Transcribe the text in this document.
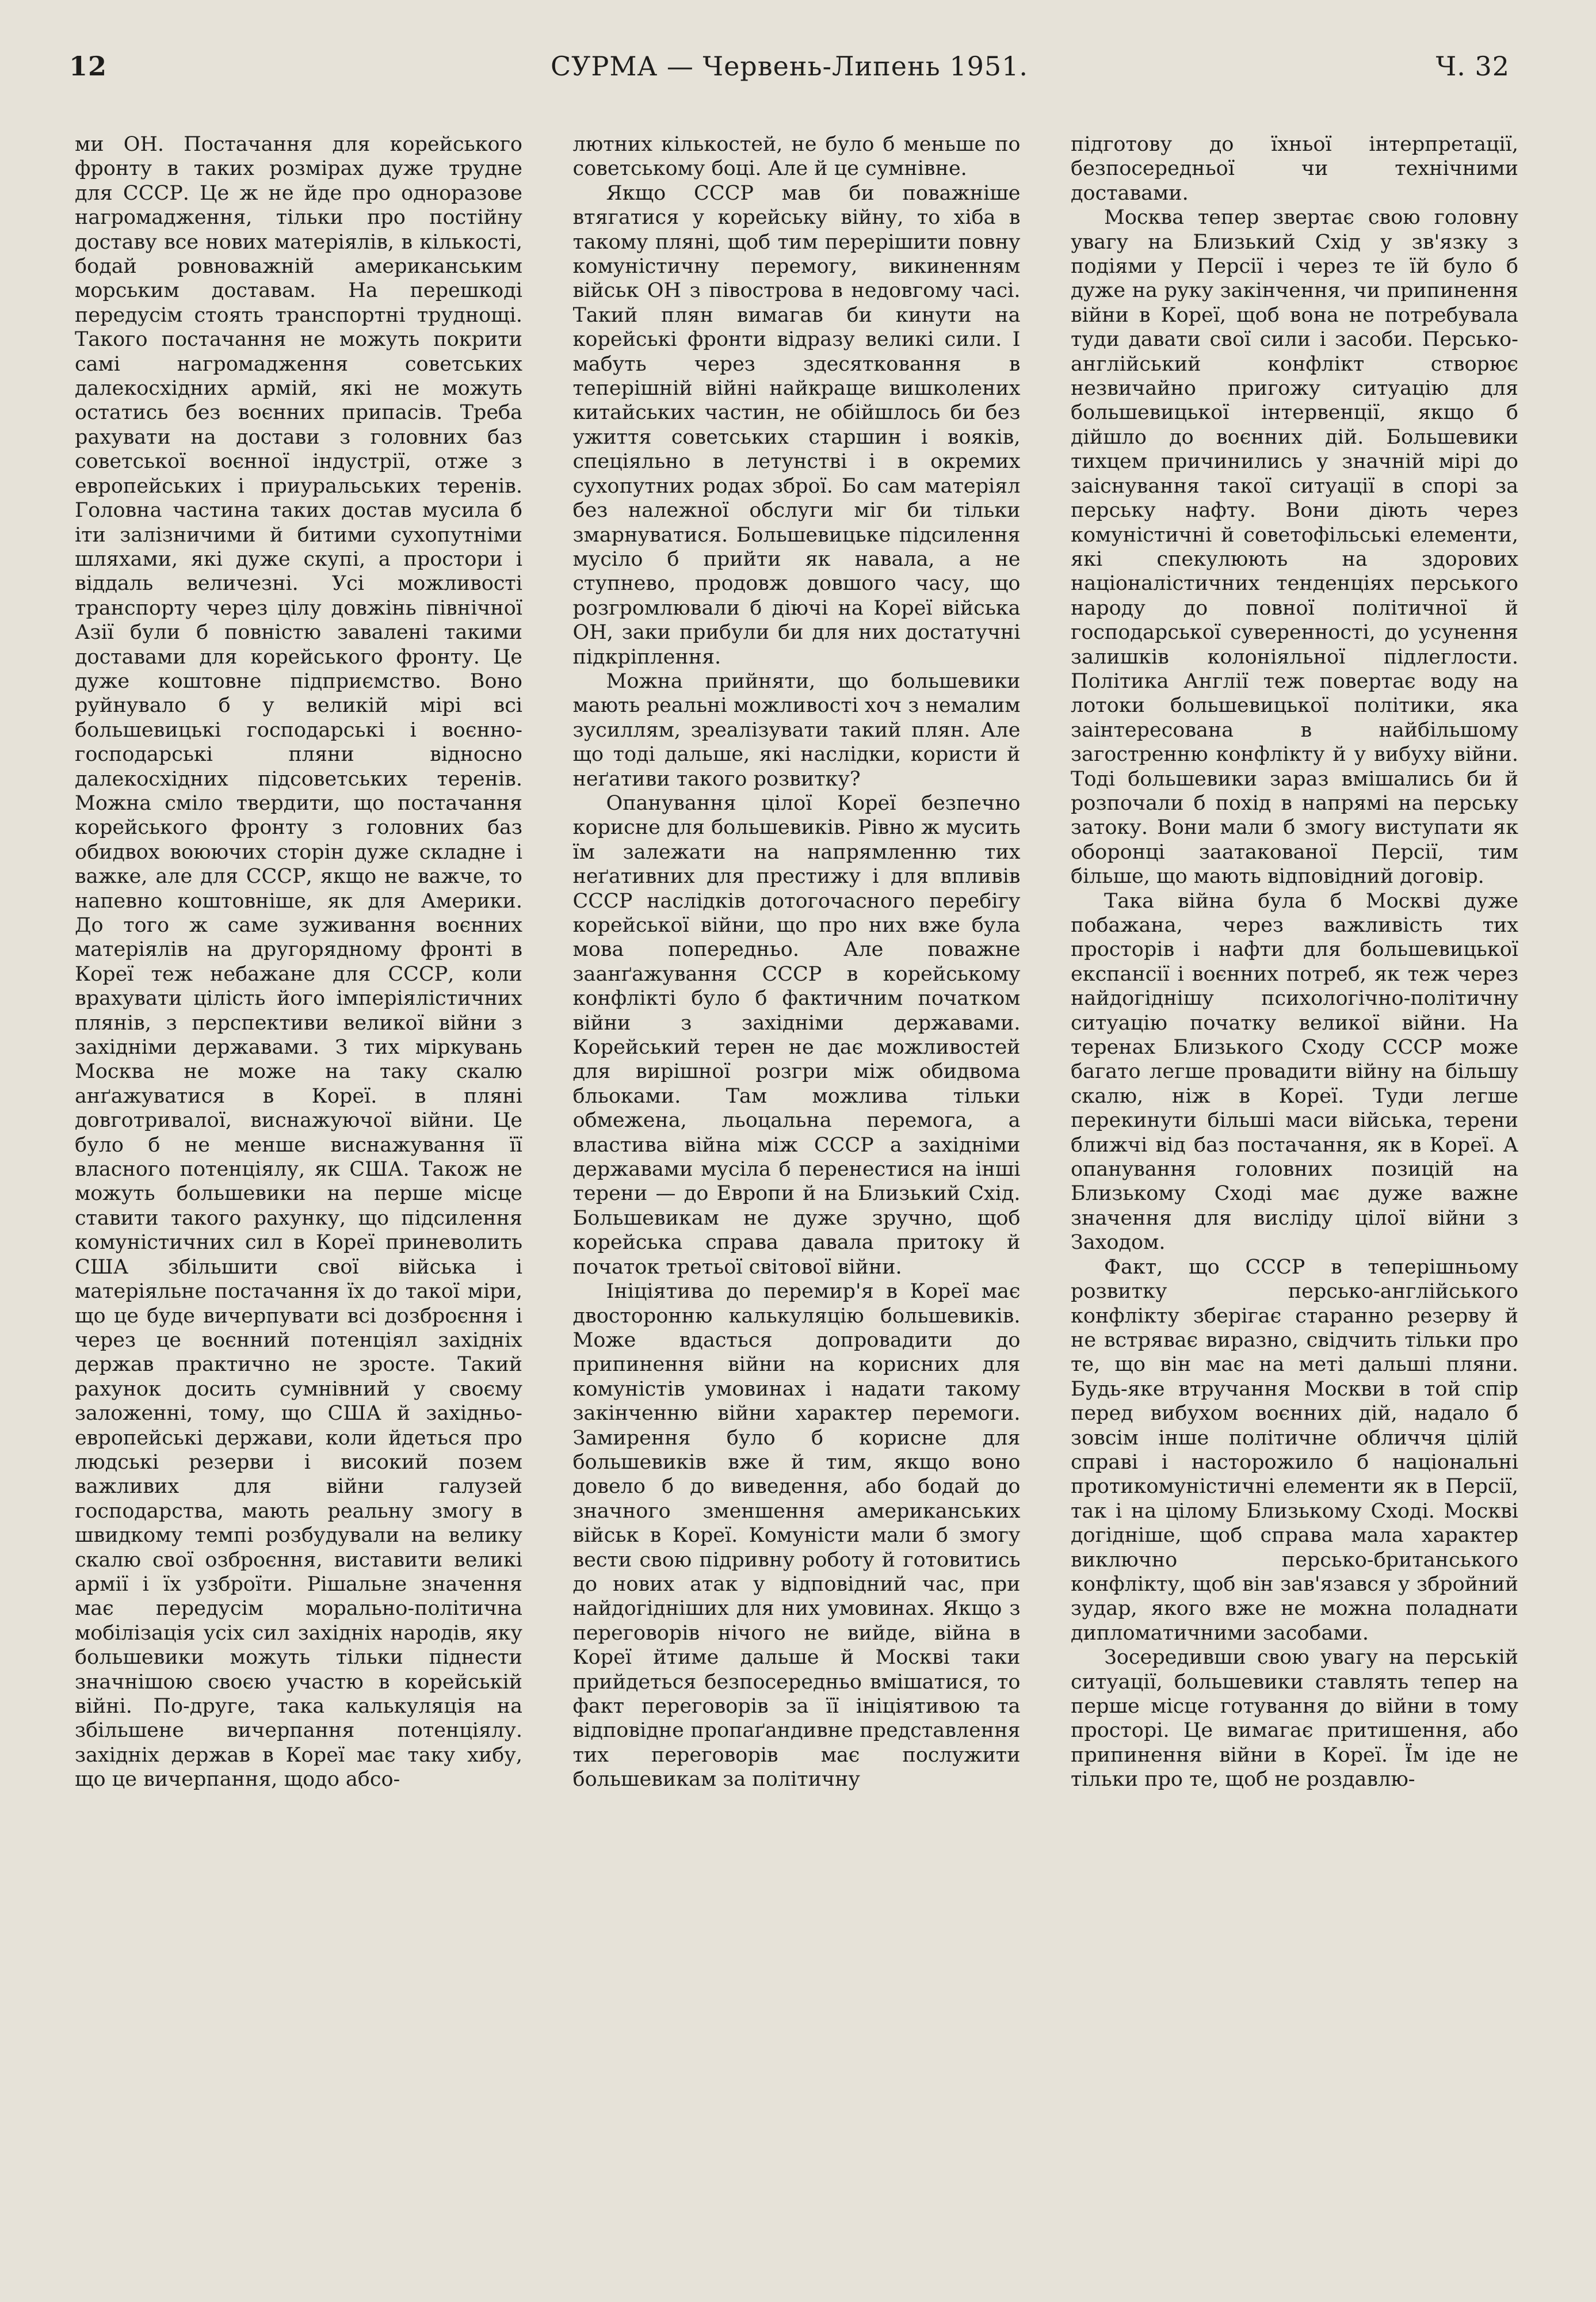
12	СУРМА — Червень-Липень 1951.	Ч. 32

ми ОН. Постачання для корейського фронту в таких розмірах дуже трудне для СССР. Це ж не йде про одноразове нагромадження, тільки про постійну доставу все нових матеріялів, в кількості, бодай ровноважній американським морським доставам. На перешкоді передусім стоять транспортні труднощі. Такого постачання не можуть покрити самі нагромадження советських далекосхідних армій, які не можуть остатись без воєнних припасів. Треба рахувати на достави з головних баз советської воєнної індустрії, отже з европейських і приуральських теренів. Головна частина таких достав мусила б іти залізничими й битими сухопутніми шляхами, які дуже скупі, а простори і віддаль величезні. Усі можливості транспорту через цілу довжінь північної Азії були б повністю завалені такими доставами для корейського фронту. Це дуже коштовне підприємство. Воно руйнувало б у великій мірі всі большевицькі господарські і воєнно-господарські пляни відносно далекосхідних підсоветських теренів. Можна сміло твердити, що постачання корейського фронту з головних баз обидвох воюючих сторін дуже складне і важке, але для СССР, якщо не важче, то напевно коштовніше, як для Америки. До того ж саме зуживання воєнних матеріялів на другорядному фронті в Кореї теж небажане для СССР, коли врахувати цілість його імперіялістичних плянів, з перспективи великої війни з західніми державами. З тих міркувань Москва не може на таку скалю анґажуватися в Кореї. в пляні довготривалої, виснажуючої війни. Це було б не менше виснажування її власного потенціялу, як США. Також не можуть большевики на перше місце ставити такого рахунку, що підсилення комуністичних сил в Кореї приневолить США збільшити свої війська і матеріяльне постачання їх до такої міри, що це буде вичерпувати всі дозброєння і через це воєнний потенціял західніх держав практично не зросте. Такий рахунок досить сумнівний у своєму заложенні, тому, що США й західньо-европейські держави, коли йдеться про людські резерви і високий позем важливих для війни галузей господарства, мають реальну змогу в швидкому темпі розбудували на велику скалю свої озброєння, виставити великі армії і їх узброїти. Рішальне значення має передусім морально-політична мобілізація усіх сил західніх народів, яку большевики можуть тільки піднести значнішою своєю участю в корейській війні. По-друге, така калькуляція на збільшене вичерпання потенціялу. західніх держав в Кореї має таку хибу, що це вичерпання, щодо абсо-

лютних кількостей, не було б меньше по советському боці. Але й це сумнівне.

Якщо СССР мав би поважніше втягатися у корейську війну, то хіба в такому пляні, щоб тим перерішити повну комуністичну перемогу, викиненням військ ОН з півострова в недовгому часі. Такий плян вимагав би кинути на корейські фронти відразу великі сили. І мабуть через здесятковання в теперішній війні найкраще вишколених китайських частин, не обійшлось би без ужиття советських старшин і вояків, спеціяльно в летунстві і в окремих сухопутних родах зброї. Бо сам матеріял без належної обслуги міг би тільки змарнуватися. Большевицьке підсилення мусіло б прийти як навала, а не ступнево, продовж довшого часу, що розгромлювали б діючі на Кореї війська ОН, заки прибули би для них достатучні підкріплення.

Можна прийняти, що большевики мають реальні можливості хоч з немалим зусиллям, зреалізувати такий плян. Але що тоді дальше, які наслідки, користи й неґативи такого розвитку?

Опанування цілої Кореї безпечно корисне для большевиків. Рівно ж мусить їм залежати на напрямленню тих неґативних для престижу і для впливів СССР наслідків дотогочасного перебігу корейської війни, що про них вже була мова попередньо. Але поважне заанґажування СССР в корейському конфлікті було б фактичним початком війни з західніми державами. Корейський терен не дає можливостей для вирішної розгри між обидвома бльоками. Там можлива тільки обмежена, льоцальна перемога, а властива війна між СССР а західніми державами мусіла б перенестися на інші терени — до Европи й на Близький Схід. Большевикам не дуже зручно, щоб корейська справа давала притоку й початок третьої світової війни.

Ініціятива до перемир'я в Кореї має двосторонню калькуляцію большевиків. Може вдасться допровадити до припинення війни на корисних для комуністів умовинах і надати такому закінченню війни характер перемоги. Замирення було б корисне для большевиків вже й тим, якщо воно довело б до виведення, або бодай до значного зменшення американських військ в Кореї. Комуністи мали б змогу вести свою підривну роботу й готовитись до нових атак у відповідний час, при найдогідніших для них умовинах. Якщо з переговорів нічого не вийде, війна в Кореї йтиме дальше й Москві таки прийдеться безпосередньо вмішатися, то факт переговорів за її ініціятивою та відповідне пропаґандивне представлення тих переговорів має послужити большевикам за політичну

підготову до їхньої інтерпретації, безпосередньої чи технічними доставами.

Москва тепер звертає свою головну увагу на Близький Схід у зв'язку з подіями у Персії і через те їй було б дуже на руку закінчення, чи припинення війни в Кореї, щоб вона не потребувала туди давати свої сили і засоби. Персько-англійський конфлікт створює незвичайно пригожу ситуацію для большевицької інтервенції, якщо б дійшло до воєнних дій. Большевики тихцем причинились у значній мірі до заіснування такої ситуації в спорі за перську нафту. Вони діють через комуністичні й советофільські елементи, які спекулюють на здорових націоналістичних тенденціях перського народу до повної політичної й господарської суверенності, до усунення залишків колоніяльної підлеглости. Політика Англії теж повертає воду на лотоки большевицької політики, яка заінтересована в найбільшому загостренню конфлікту й у вибуху війни. Тоді большевики зараз вмішались би й розпочали б похід в напрямі на перську затоку. Вони мали б змогу виступати як оборонці заатакованої Персії, тим більше, що мають відповідний договір.

Така війна була б Москві дуже побажана, через важливість тих просторів і нафти для большевицької експансії і воєнних потреб, як теж через найдогіднішу психологічно-політичну ситуацію початку великої війни. На теренах Близького Сходу СССР може багато легше провадити війну на більшу скалю, ніж в Кореї. Туди легше перекинути більші маси війська, терени ближчі від баз постачання, як в Кореї. А опанування головних позицій на Близькому Сході має дуже важне значення для висліду цілої війни з Заходом.

Факт, що СССР в теперішньому розвитку персько-англійського конфлікту зберігає старанно резерву й не встряває виразно, свідчить тільки про те, що він має на меті дальші пляни. Будь-яке втручання Москви в той спір перед вибухом воєнних дій, надало б зовсім інше політичне обличчя цілій справі і насторожило б національні протикомуністичні елементи як в Персії, так і на цілому Близькому Сході. Москві догідніше, щоб справа мала характер виключно персько-британського конфлікту, щоб він зав'язався у збройний зудар, якого вже не можна поладнати дипломатичними засобами.

Зосередивши свою увагу на перській ситуації, большевики ставлять тепер на перше місце готування до війни в тому просторі. Це вимагає притишення, або припинення війни в Кореї. Їм іде не тільки про те, щоб не роздавлю-
